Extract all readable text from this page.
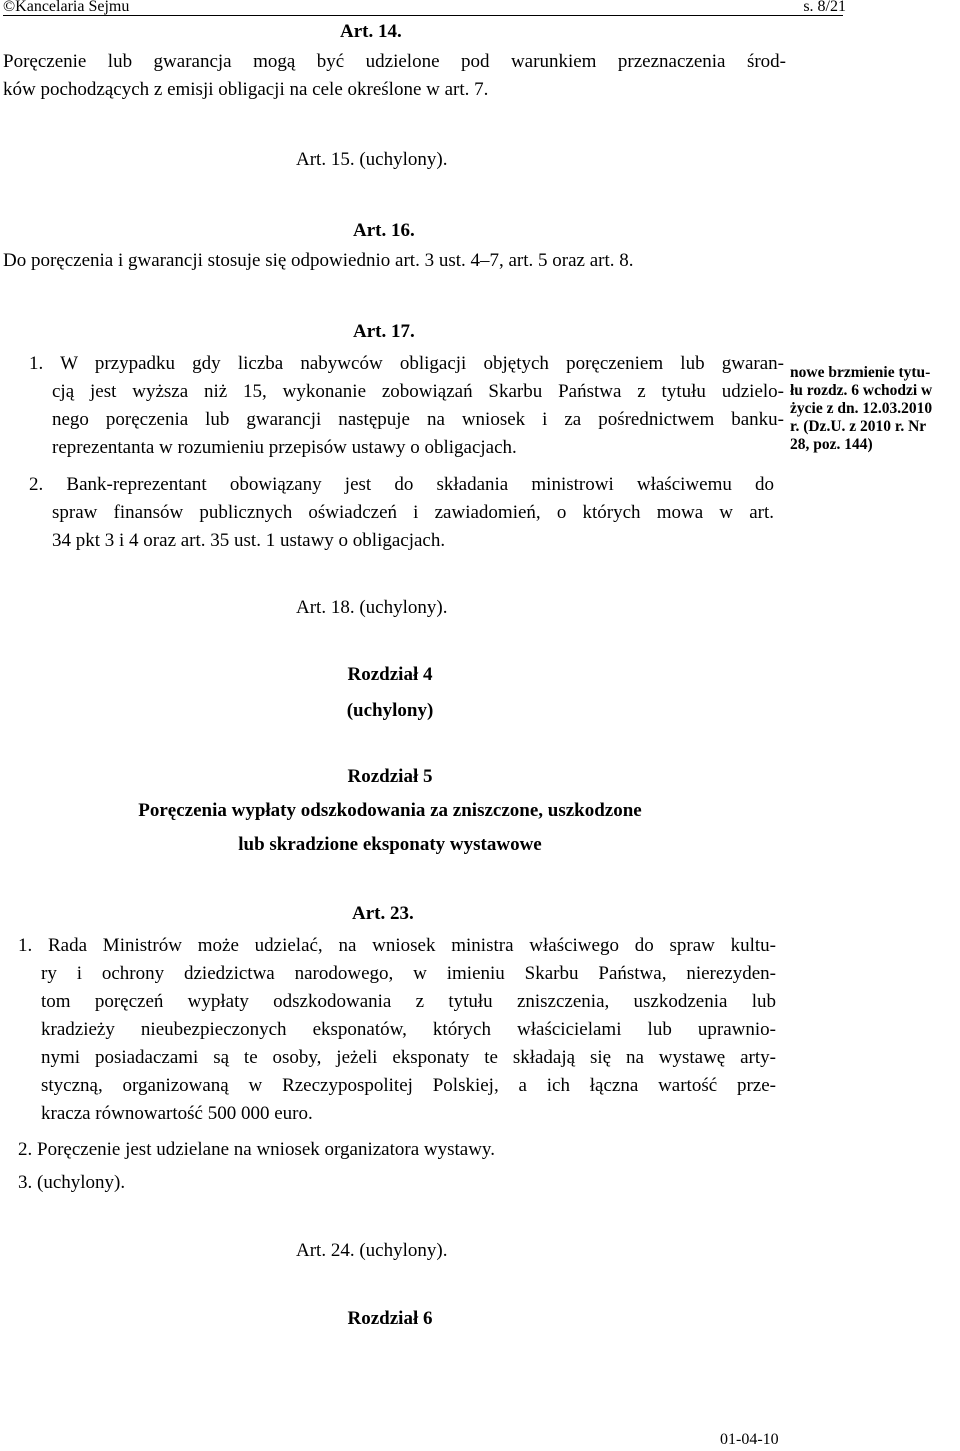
©Kancelaria Sejmu	s. 8/21
Art. 14.
Poręczenie lub gwarancja mogą być udzielone pod warunkiem przeznaczenia środ-
ków pochodzących z emisji obligacji na cele określone w art. 7.
Art. 15. (uchylony).
Art. 16.
Do poręczenia i gwarancji stosuje się odpowiednio art. 3 ust. 4–7, art. 5 oraz art. 8.
Art. 17.
1. W przypadku gdy liczba nabywców obligacji objętych poręczeniem lub gwaran-
cją jest wyższa niż 15, wykonanie zobowiązań Skarbu Państwa z tytułu udzielo-
nego poręczenia lub gwarancji następuje na wniosek i za pośrednictwem banku-
reprezentanta w rozumieniu przepisów ustawy o obligacjach.
2. Bank-reprezentant obowiązany jest do składania ministrowi właściwemu do
spraw finansów publicznych oświadczeń i zawiadomień, o których mowa w art.
34 pkt 3 i 4 oraz art. 35 ust. 1 ustawy o obligacjach.
nowe brzmienie tytu-
łu rozdz. 6 wchodzi w
życie z dn. 12.03.2010
r. (Dz.U. z 2010 r. Nr
28, poz. 144)
Art. 18. (uchylony).
Rozdział 4
(uchylony)
Rozdział 5
Poręczenia wypłaty odszkodowania za zniszczone, uszkodzone
lub skradzione eksponaty wystawowe
Art. 23.
1. Rada Ministrów może udzielać, na wniosek ministra właściwego do spraw kultu-
ry i ochrony dziedzictwa narodowego, w imieniu Skarbu Państwa, nierezyden-
tom poręczeń wypłaty odszkodowania z tytułu zniszczenia, uszkodzenia lub
kradzieży nieubezpieczonych eksponatów, których właścicielami lub uprawnio-
nymi posiadaczami są te osoby, jeżeli eksponaty te składają się na wystawę arty-
styczną, organizowaną w Rzeczypospolitej Polskiej, a ich łączna wartość prze-
kracza równowartość 500 000 euro.
2. Poręczenie jest udzielane na wniosek organizatora wystawy.
3. (uchylony).
Art. 24. (uchylony).
Rozdział 6
01-04-10
